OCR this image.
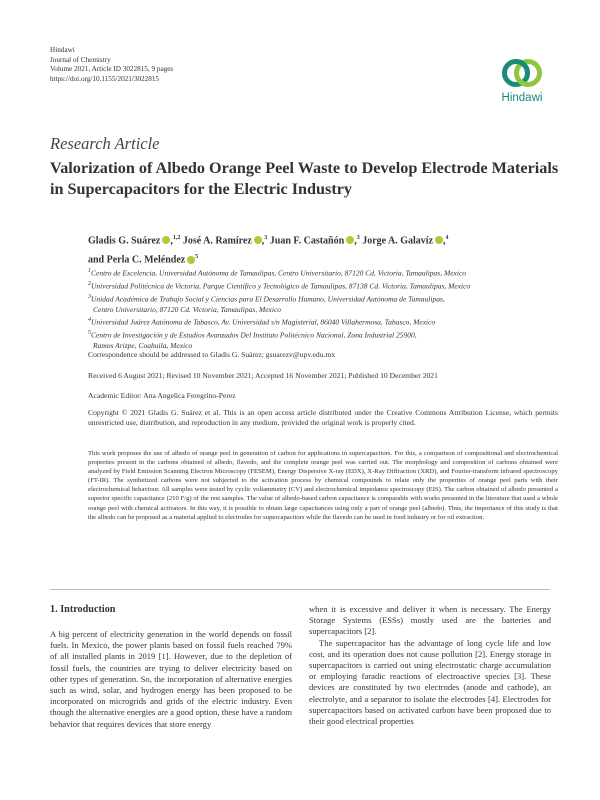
Hindawi
Journal of Chemistry
Volume 2021, Article ID 3022815, 9 pages
https://doi.org/10.1155/2021/3022815
Hindawi
Research Article
Valorization of Albedo Orange Peel Waste to Develop Electrode Materials in Supercapacitors for the Electric Industry
Gladis G. Suárez iD ,$^{1,2}$ José A. Ramírez iD ,$^3$ Juan F. Castañón iD ,$^3$ Jorge A. Galavíz iD ,$^4$
and Perla C. Meléndez iD $^5$
$^1$Centro de Excelencia, Universidad Autónoma de Tamaulipas, Centro Universitario, 87120 Cd. Victoria, Tamaulipas, Mexico
$^2$Universidad Politécnica de Victoria, Parque Científico y Tecnológico de Tamaulipas, 87138 Cd. Victoria, Tamaulipas, Mexico
$^3$Unidad Académica de Trabajo Social y Ciencias para El Desarrollo Humano, Universidad Autónoma de Tamaulipas,
Centro Universitario, 87120 Cd. Victoria, Tamaulipas, Mexico
$^4$Universidad Juárez Autónoma de Tabasco, Av. Universidad s/n Magisterial, 86040 Villahermosa, Tabasco, Mexico
$^5$Centro de Investigación y de Estudios Avanzados Del Instituto Politécnico Nacional, Zona Industrial 25900,
Ramos Arizpe, Coahuila, Mexico
Correspondence should be addressed to Gladis G. Suárez; gsuarezv@upv.edu.mx
Received 6 August 2021; Revised 10 November 2021; Accepted 16 November 2021; Published 10 December 2021
Academic Editor: Ana Angelica Feregrino-Perez
Copyright © 2021 Gladis G. Suárez et al. This is an open access article distributed under the Creative Commons Attribution License, which permits unrestricted use, distribution, and reproduction in any medium, provided the original work is properly cited.
This work proposes the use of albedo of orange peel in generation of carbon for applications in supercapacitors. For this, a comparison of compositional and electrochemical properties present in the carbons obtained of albedo, flavedo, and the complete orange peel was carried out. The morphology and composition of carbons obtained were analyzed by Field Emission Scanning Electron Microscopy (FESEM), Energy Dispersive X-ray (EDX), X-Ray Diffraction (XRD), and Fourier-transform infrared spectroscopy (FT-IR). The synthetized carbons were not subjected to the activation process by chemical compounds to relate only the properties of orange peel parts with their electrochemical behaviour. All samples were tested by cyclic voltammetry (CV) and electrochemical impedance spectroscopy (EIS). The carbon obtained of albedo presented a superior specific capacitance (210 F/g) of the rest samples. The value of albedo-based carbon capacitance is comparable with works presented in the literature that used a whole orange peel with chemical activators. In this way, it is possible to obtain large capacitances using only a part of orange peel (albedo). Thus, the importance of this study is that the albedo can be proposed as a material applied to electrodes for supercapacitors while the flavedo can be used in food industry or for oil extraction.
1. Introduction

A big percent of electricity generation in the world depends on fossil fuels. In Mexico, the power plants based on fossil fuels reached 79% of all installed plants in 2019 [1]. However, due to the depletion of fossil fuels, the countries are trying to deliver electricity based on other types of generation. So, the incorporation of alternative energies such as wind, solar, and hydrogen energy has been proposed to be incorporated on microgrids and grids of the electric industry. Even though the alternative energies are a good option, these have a random behavior that requires devices that store energy

when it is excessive and deliver it when is necessary. The Energy Storage Systems (ESSs) mostly used are the batteries and supercapacitors [2].

The supercapacitor has the advantage of long cycle life and low cost, and its operation does not cause pollution [2]. Energy storage in supercapacitors is carried out using electrostatic charge accumulation or employing faradic reactions of electroactive species [3]. These devices are constituted by two electrodes (anode and cathode), an electrolyte, and a separator to isolate the electrodes [4]. Electrodes for supercapacitors based on activated carbon have been proposed due to their good electrical properties
